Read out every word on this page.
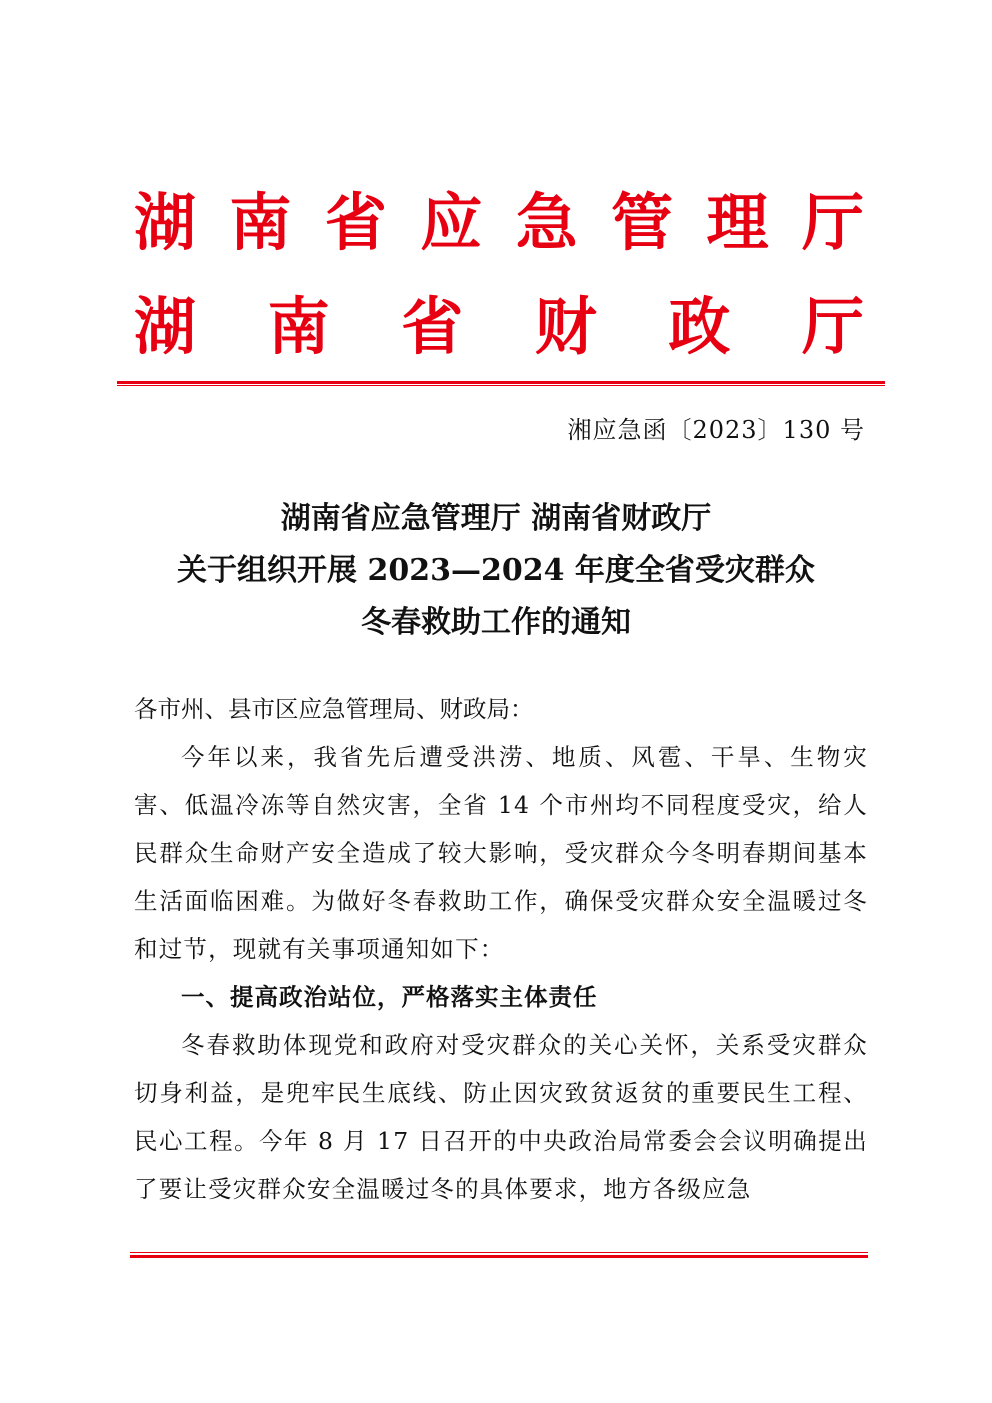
湖 南 省 应 急 管 理 厅
湖 南 省 财 政 厅
湘应急函〔2023〕130 号
湖南省应急管理厅 湖南省财政厅
关于组织开展 2023—2024 年度全省受灾群众
冬春救助工作的通知

各市州、县市区应急管理局、财政局：

今年以来，我省先后遭受洪涝、地质、风雹、干旱、生物灾害、低温冷冻等自然灾害，全省 14 个市州均不同程度受灾，给人民群众生命财产安全造成了较大影响，受灾群众今冬明春期间基本生活面临困难。为做好冬春救助工作，确保受灾群众安全温暖过冬和过节，现就有关事项通知如下：

一、提高政治站位，严格落实主体责任

冬春救助体现党和政府对受灾群众的关心关怀，关系受灾群众切身利益，是兜牢民生底线、防止因灾致贫返贫的重要民生工程、民心工程。今年 8 月 17 日召开的中央政治局常委会会议明确提出了要让受灾群众安全温暖过冬的具体要求，地方各级应急
